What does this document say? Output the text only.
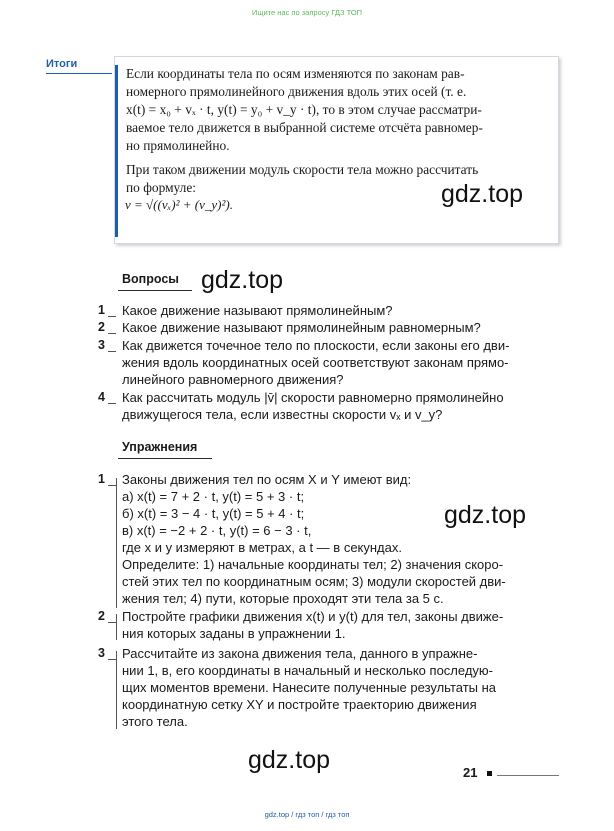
Ищите нас по запросу ГДЗ ТОП
Итоги
Если координаты тела по осям изменяются по законам рав-
номерного прямолинейного движения вдоль этих осей (т. е.
x(t) = x₀ + vₓ · t, y(t) = y₀ + v_y · t), то в этом случае рассматри-
ваемое тело движется в выбранной системе отсчёта равномер-
но прямолинейно.
При таком движении модуль скорости тела можно рассчитать
по формуле:
v = √((vₓ)² + (v_y)²).	gdz.top
Вопросы gdz.top
1 Какое движение называют прямолинейным?
2 Какое движение называют прямолинейным равномерным?
3 Как движется точечное тело по плоскости, если законы его дви-
жения вдоль координатных осей соответствуют законам прямо-
линейного равномерного движения?
4 Как рассчитать модуль |v̄| скорости равномерно прямолинейно
движущегося тела, если известны скорости vₓ и v_y?
Упражнения
1 Законы движения тел по осям X и Y имеют вид:
а) x(t) = 7 + 2 · t, y(t) = 5 + 3 · t;
б) x(t) = 3 − 4 · t, y(t) = 5 + 4 · t;
в) x(t) = −2 + 2 · t, y(t) = 6 − 3 · t,
где x и y измеряют в метрах, а t — в секундах.
Определите: 1) начальные координаты тел; 2) значения скоро-
стей этих тел по координатным осям; 3) модули скоростей дви-
жения тел; 4) пути, которые проходят эти тела за 5 с.
gdz.top
2 Постройте графики движения x(t) и y(t) для тел, законы движе-
ния которых заданы в упражнении 1.
3 Рассчитайте из закона движения тела, данного в упражне-
нии 1, в, его координаты в начальный и несколько последую-
щих моментов времени. Нанесите полученные результаты на
координатную сетку XY и постройте траекторию движения
этого тела.
gdz.top	21
gdz.top / гдз топ / гдз топ
